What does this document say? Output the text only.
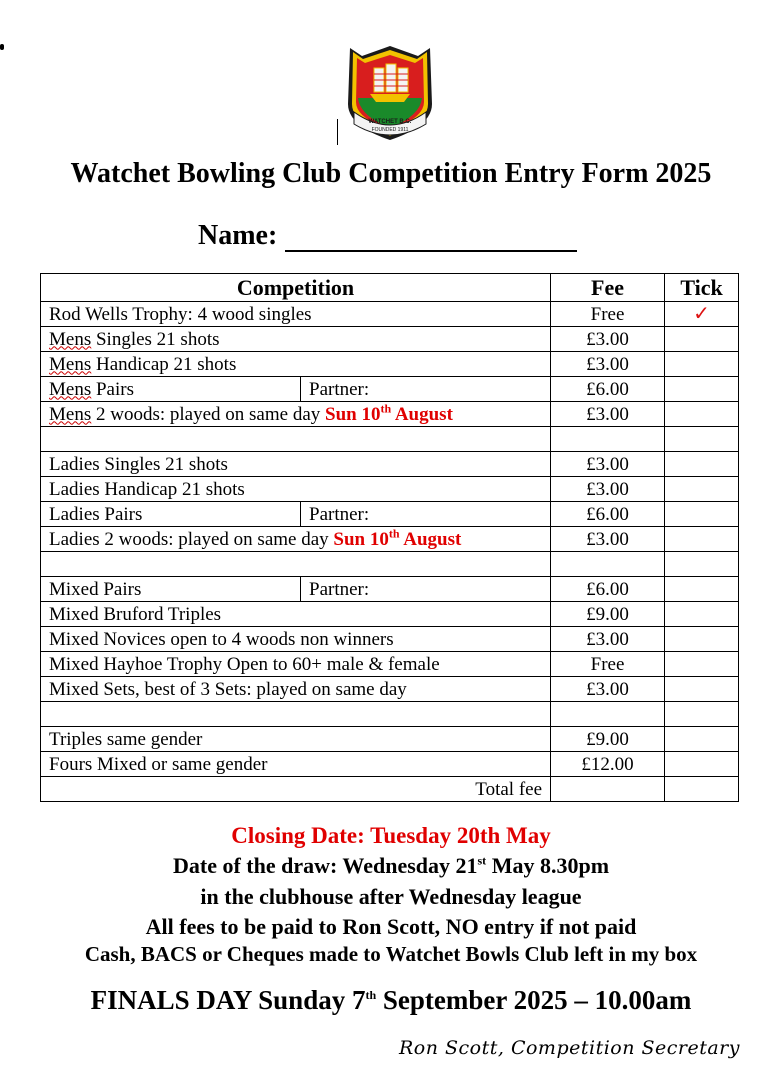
WATCHET B.C.
FOUNDED 1911
Watchet Bowling Club Competition Entry Form 2025
Name:
Competition		Fee	Tick
Rod Wells Trophy: 4 wood singles		Free	✓
Mens Singles 21 shots		£3.00	
Mens Handicap 21 shots		£3.00	
Mens Pairs	Partner:	£6.00	
Mens 2 woods: played on same day Sun 10th August		£3.00	

Ladies Singles 21 shots		£3.00	
Ladies Handicap 21 shots		£3.00	
Ladies Pairs	Partner:	£6.00	
Ladies 2 woods: played on same day Sun 10th August		£3.00	

Mixed Pairs	Partner:	£6.00	
Mixed Bruford Triples		£9.00	
Mixed Novices open to 4 woods non winners		£3.00	
Mixed Hayhoe Trophy Open to 60+ male & female		Free	
Mixed Sets, best of 3 Sets: played on same day		£3.00	

Triples same gender		£9.00	
Fours Mixed or same gender		£12.00	
Total fee			
Closing Date: Tuesday 20th May
Date of the draw: Wednesday 21st May 8.30pm
in the clubhouse after Wednesday league
All fees to be paid to Ron Scott, NO entry if not paid
Cash, BACS or Cheques made to Watchet Bowls Club left in my box
FINALS DAY Sunday 7th September 2025 – 10.00am
Ron Scott, Competition Secretary
